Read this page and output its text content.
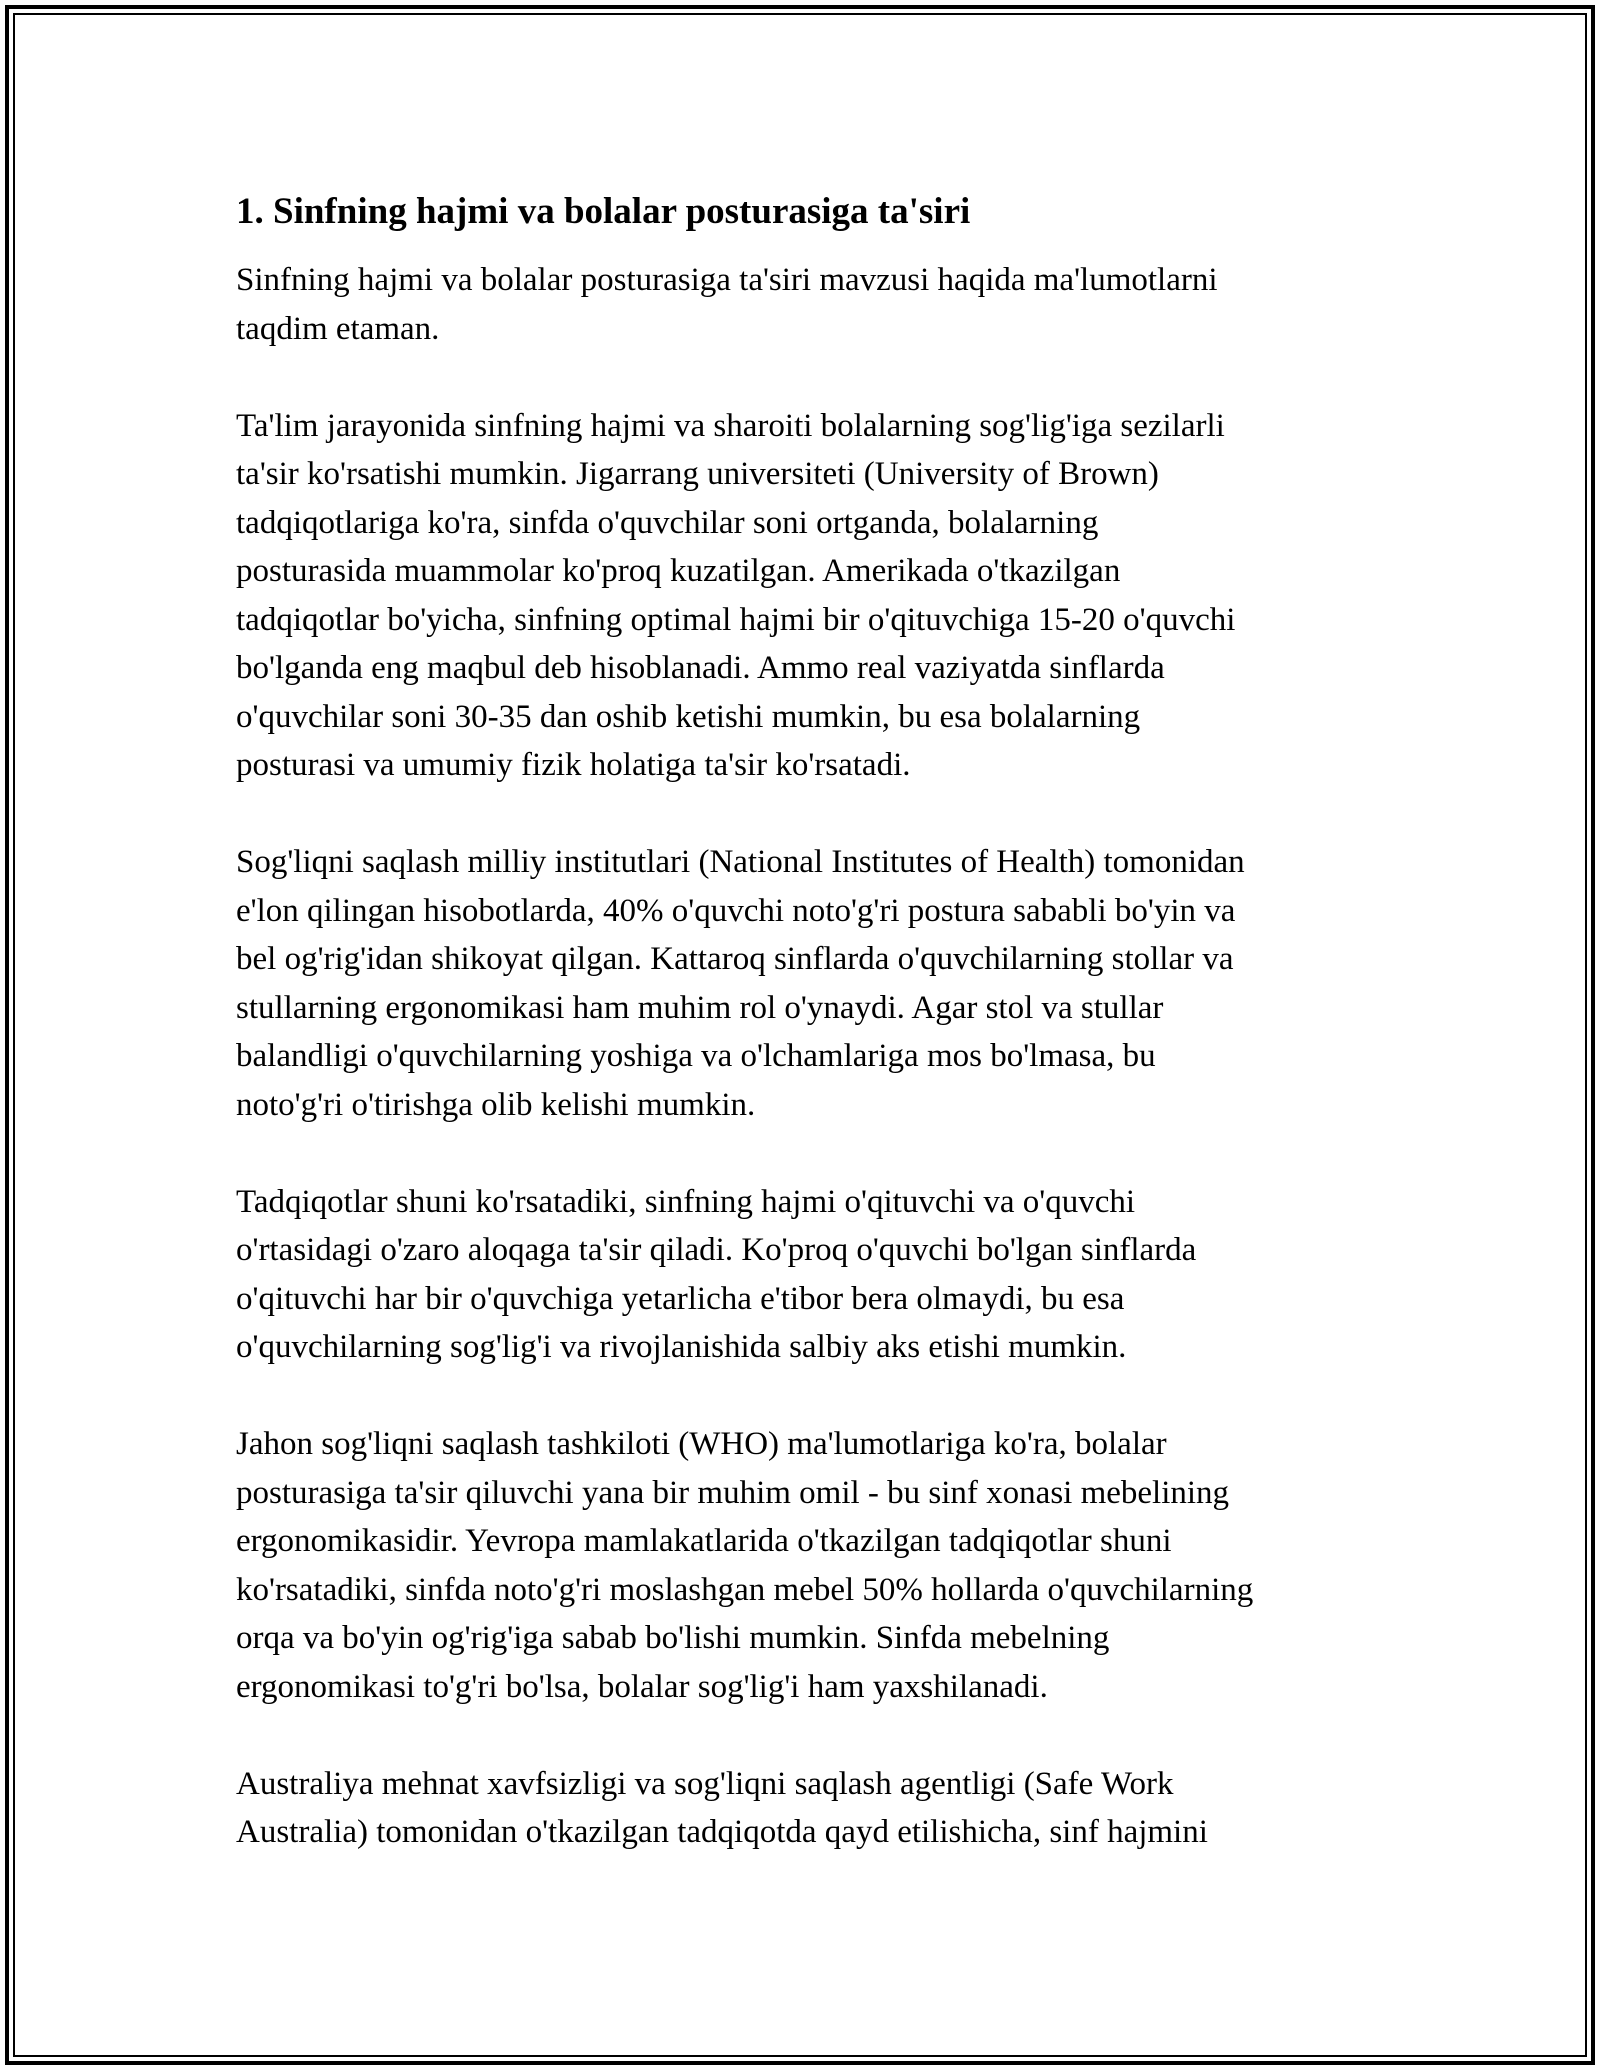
1. Sinfning hajmi va bolalar posturasiga ta'siri
Sinfning hajmi va bolalar posturasiga ta'siri mavzusi haqida ma'lumotlarni
taqdim etaman.
Ta'lim jarayonida sinfning hajmi va sharoiti bolalarning sog'lig'iga sezilarli
ta'sir ko'rsatishi mumkin. Jigarrang universiteti (University of Brown)
tadqiqotlariga ko'ra, sinfda o'quvchilar soni ortganda, bolalarning
posturasida muammolar ko'proq kuzatilgan. Amerikada o'tkazilgan
tadqiqotlar bo'yicha, sinfning optimal hajmi bir o'qituvchiga 15-20 o'quvchi
bo'lganda eng maqbul deb hisoblanadi. Ammo real vaziyatda sinflarda
o'quvchilar soni 30-35 dan oshib ketishi mumkin, bu esa bolalarning
posturasi va umumiy fizik holatiga ta'sir ko'rsatadi.
Sog'liqni saqlash milliy institutlari (National Institutes of Health) tomonidan
e'lon qilingan hisobotlarda, 40% o'quvchi noto'g'ri postura sababli bo'yin va
bel og'rig'idan shikoyat qilgan. Kattaroq sinflarda o'quvchilarning stollar va
stullarning ergonomikasi ham muhim rol o'ynaydi. Agar stol va stullar
balandligi o'quvchilarning yoshiga va o'lchamlariga mos bo'lmasa, bu
noto'g'ri o'tirishga olib kelishi mumkin.
Tadqiqotlar shuni ko'rsatadiki, sinfning hajmi o'qituvchi va o'quvchi
o'rtasidagi o'zaro aloqaga ta'sir qiladi. Ko'proq o'quvchi bo'lgan sinflarda
o'qituvchi har bir o'quvchiga yetarlicha e'tibor bera olmaydi, bu esa
o'quvchilarning sog'lig'i va rivojlanishida salbiy aks etishi mumkin.
Jahon sog'liqni saqlash tashkiloti (WHO) ma'lumotlariga ko'ra, bolalar
posturasiga ta'sir qiluvchi yana bir muhim omil - bu sinf xonasi mebelining
ergonomikasidir. Yevropa mamlakatlarida o'tkazilgan tadqiqotlar shuni
ko'rsatadiki, sinfda noto'g'ri moslashgan mebel 50% hollarda o'quvchilarning
orqa va bo'yin og'rig'iga sabab bo'lishi mumkin. Sinfda mebelning
ergonomikasi to'g'ri bo'lsa, bolalar sog'lig'i ham yaxshilanadi.
Australiya mehnat xavfsizligi va sog'liqni saqlash agentligi (Safe Work
Australia) tomonidan o'tkazilgan tadqiqotda qayd etilishicha, sinf hajmini
